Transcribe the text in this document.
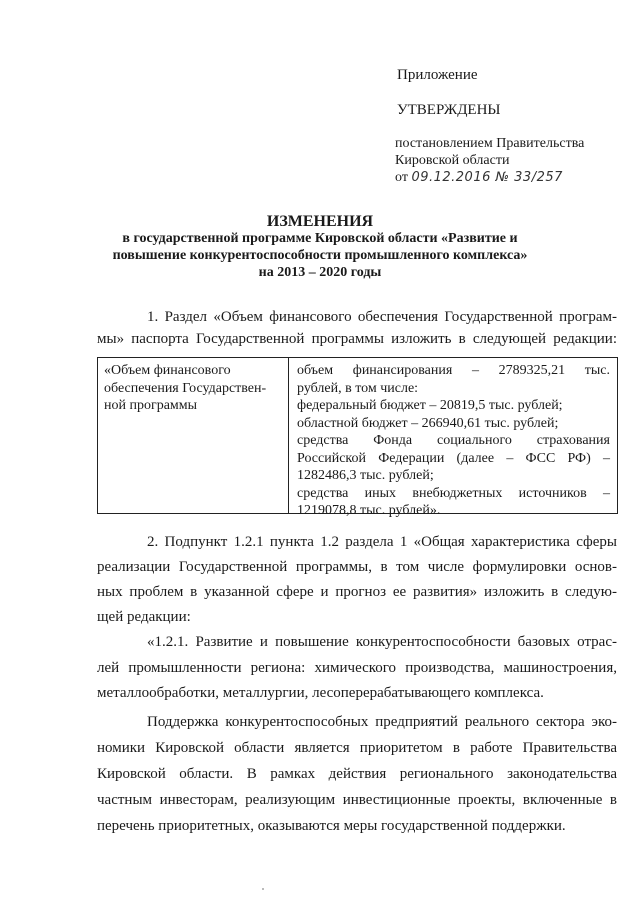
Приложение
УТВЕРЖДЕНЫ
постановлением Правительства
Кировской области
от 09.12.2016 № 33/257
ИЗМЕНЕНИЯ
в государственной программе Кировской области «Развитие и
повышение конкурентоспособности промышленного комплекса»
на 2013 – 2020 годы
1. Раздел «Объем финансового обеспечения Государственной програм-
мы» паспорта Государственной программы изложить в следующей редакции:
«Объем финансового
обеспечения Государствен-
ной программы
объем финансирования – 2789325,21 тыс.
рублей, в том числе:
федеральный бюджет – 20819,5 тыс. рублей;
областной бюджет – 266940,61 тыс. рублей;
средства Фонда социального страхования
Российской Федерации (далее – ФСС РФ) –
1282486,3 тыс. рублей;
средства иных внебюджетных источников –
1219078,8 тыс. рублей».
2. Подпункт 1.2.1 пункта 1.2 раздела 1 «Общая характеристика сферы
реализации Государственной программы, в том числе формулировки основ-
ных проблем в указанной сфере и прогноз ее развития» изложить в следую-
щей редакции:
«1.2.1. Развитие и повышение конкурентоспособности базовых отрас-
лей промышленности региона: химического производства, машиностроения,
металлообработки, металлургии, лесоперерабатывающего комплекса.
Поддержка конкурентоспособных предприятий реального сектора эко-
номики Кировской области является приоритетом в работе Правительства
Кировской области. В рамках действия регионального законодательства
частным инвесторам, реализующим инвестиционные проекты, включенные в
перечень приоритетных, оказываются меры государственной поддержки.
